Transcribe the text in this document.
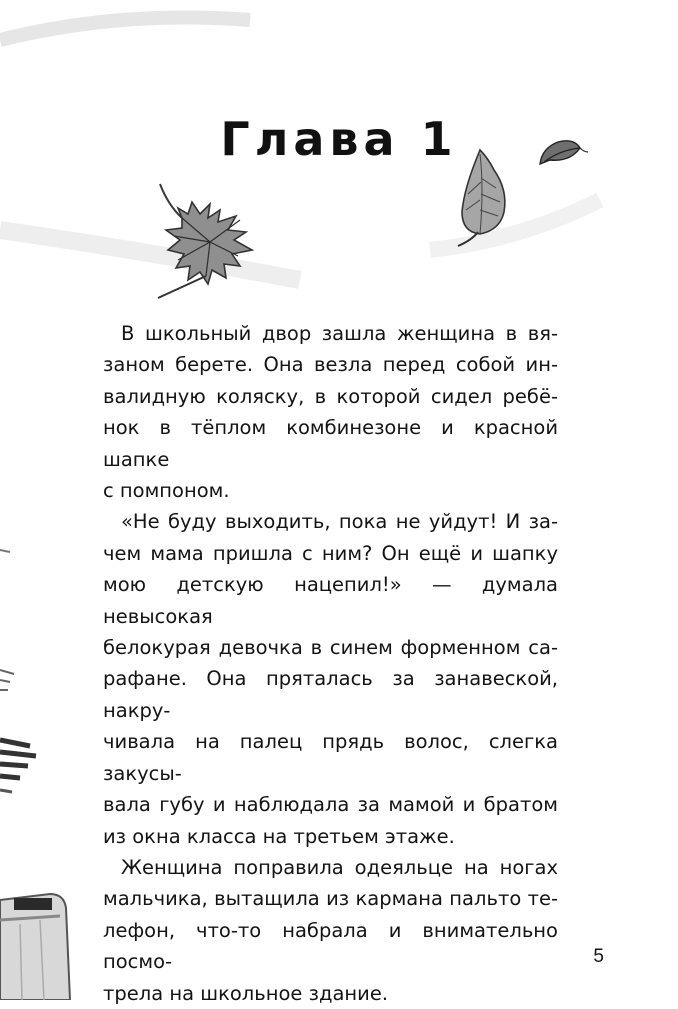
Глава 1

В школьный двор зашла женщина в вя-
заном берете. Она везла перед собой ин-
валидную коляску, в которой сидел ребё-
нок в тёплом комбинезоне и красной шапке
с помпоном.

«Не буду выходить, пока не уйдут! И за-
чем мама пришла с ним? Он ещё и шапку
мою детскую нацепил!» — думала невысокая
белокурая девочка в синем форменном са-
рафане. Она пряталась за занавеской, накру-
чивала на палец прядь волос, слегка закусы-
вала губу и наблюдала за мамой и братом
из окна класса на третьем этаже.

Женщина поправила одеяльце на ногах
мальчика, вытащила из кармана пальто те-
лефон, что-то набрала и внимательно посмо-
трела на школьное здание.

5
